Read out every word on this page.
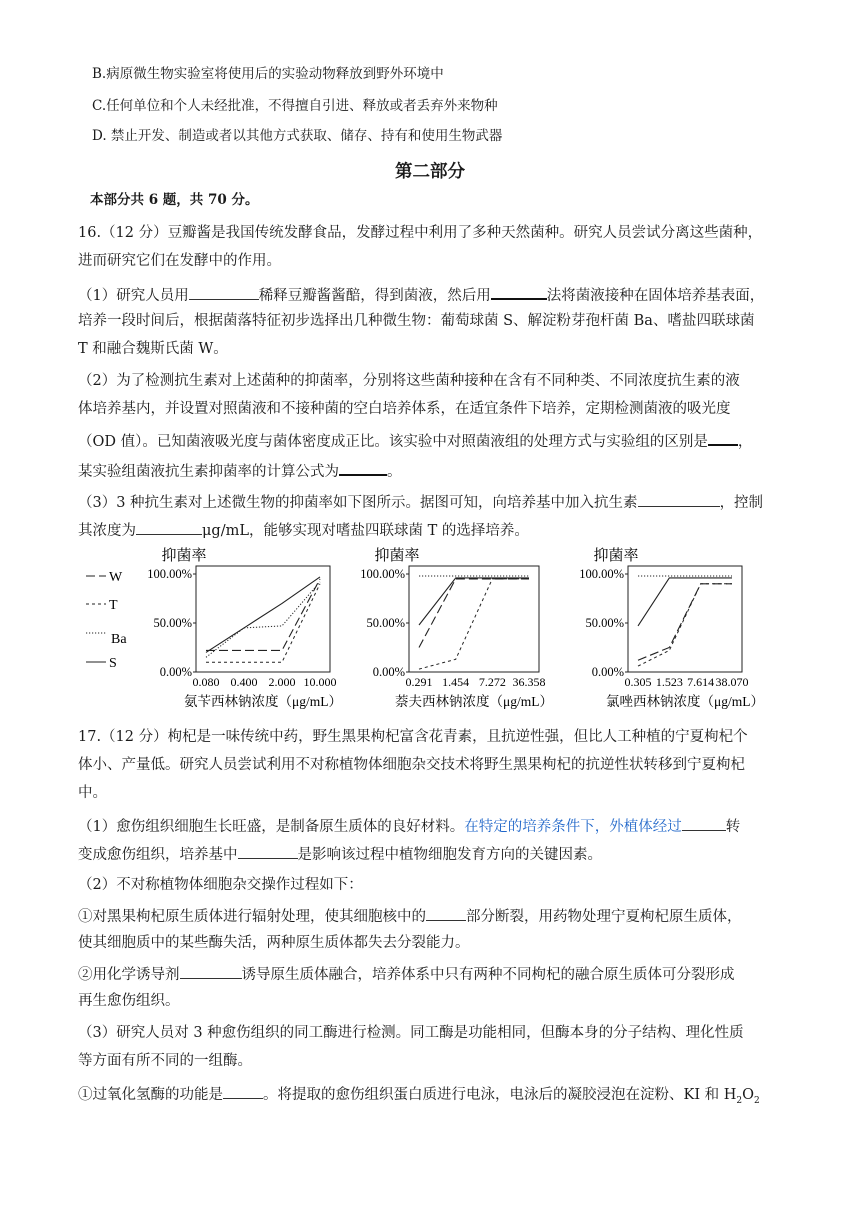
B.病原微生物实验室将使用后的实验动物释放到野外环境中
C.任何单位和个人未经批准，不得擅自引进、释放或者丢弃外来物种
D. 禁止开发、制造或者以其他方式获取、储存、持有和使用生物武器
第二部分
本部分共 6 题，共 70 分。
16.（12 分）豆瓣酱是我国传统发酵食品，发酵过程中利用了多种天然菌种。研究人员尝试分离这些菌种，
进而研究它们在发酵中的作用。
（1）研究人员用	稀释豆瓣酱酱醅，得到菌液，然后用	法将菌液接种在固体培养基表面，
培养一段时间后，根据菌落特征初步选择出几种微生物：葡萄球菌 S、解淀粉芽孢杆菌 Ba、嗜盐四联球菌
T 和融合魏斯氏菌 W。
（2）为了检测抗生素对上述菌种的抑菌率，分别将这些菌种接种在含有不同种类、不同浓度抗生素的液
体培养基内，并设置对照菌液和不接种菌的空白培养体系，在适宜条件下培养，定期检测菌液的吸光度
（OD 值）。已知菌液吸光度与菌体密度成正比。该实验中对照菌液组的处理方式与实验组的区别是 ，
某实验组菌液抗生素抑菌率的计算公式为	。
（3）3 种抗生素对上述微生物的抑菌率如下图所示。据图可知，向培养基中加入抗生素	，控制
其浓度为	μg/mL，能够实现对嗜盐四联球菌 T 的选择培养。
抑菌率
0.00%
50.00%
100.00%
0.080 0.400 2.000 10.000
氨苄西林钠浓度（μg/mL）
W
T
Ba
S
抑菌率
0.00%
50.00%
100.00%
0.291 1.454 7.272 36.358
萘夫西林钠浓度（μg/mL）
抑菌率
0.00%
50.00%
100.00%
0.305 1.523 7.614 38.070
氯唑西林钠浓度（μg/mL）
17.（12 分）枸杞是一味传统中药，野生黑果枸杞富含花青素，且抗逆性强，但比人工种植的宁夏枸杞个
体小、产量低。研究人员尝试利用不对称植物体细胞杂交技术将野生黑果枸杞的抗逆性状转移到宁夏枸杞
中。
（1）愈伤组织细胞生长旺盛，是制备原生质体的良好材料。在特定的培养条件下，外植体经过	转
变成愈伤组织，培养基中	是影响该过程中植物细胞发育方向的关键因素。
（2）不对称植物体细胞杂交操作过程如下：
①对黑果枸杞原生质体进行辐射处理，使其细胞核中的	部分断裂，用药物处理宁夏枸杞原生质体，
使其细胞质中的某些酶失活，两种原生质体都失去分裂能力。
②用化学诱导剂	诱导原生质体融合，培养体系中只有两种不同枸杞的融合原生质体可分裂形成
再生愈伤组织。
（3）研究人员对 3 种愈伤组织的同工酶进行检测。同工酶是功能相同，但酶本身的分子结构、理化性质
等方面有所不同的一组酶。
①过氧化氢酶的功能是	。将提取的愈伤组织蛋白质进行电泳，电泳后的凝胶浸泡在淀粉、KI 和 $H_2O_2$
